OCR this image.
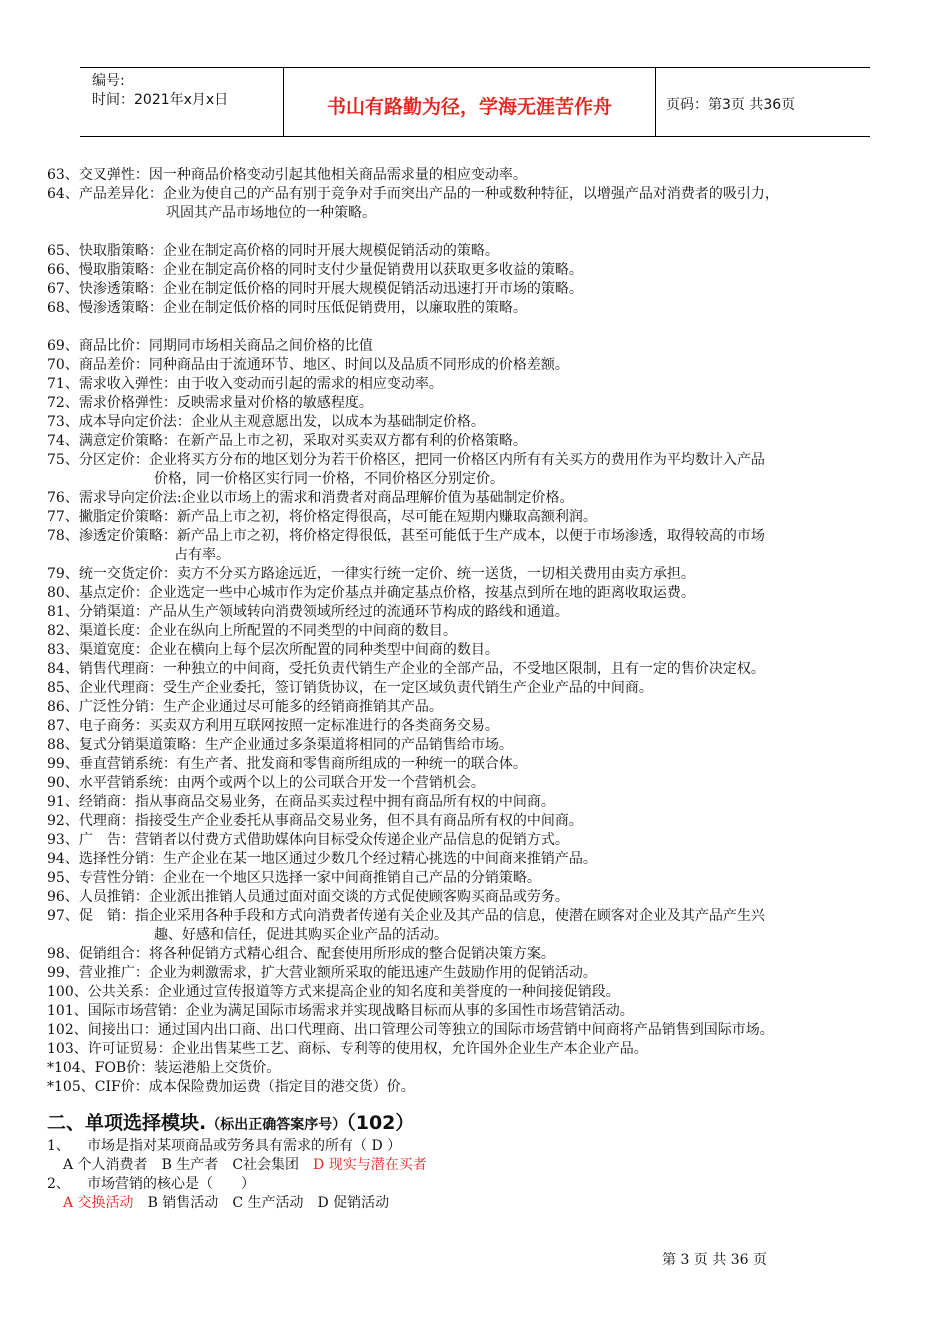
编号:
时间：2021年x月x日	书山有路勤为径，学海无涯苦作舟	页码：第3页 共36页
63、交叉弹性：因一种商品价格变动引起其他相关商品需求量的相应变动率。
64、产品差异化：企业为使自己的产品有别于竞争对手而突出产品的一种或数种特征，以增强产品对消费者的吸引力，
巩固其产品市场地位的一种策略。
65、快取脂策略：企业在制定高价格的同时开展大规模促销活动的策略。
66、慢取脂策略：企业在制定高价格的同时支付少量促销费用以获取更多收益的策略。
67、快渗透策略：企业在制定低价格的同时开展大规模促销活动迅速打开市场的策略。
68、慢渗透策略：企业在制定低价格的同时压低促销费用，以廉取胜的策略。
69、商品比价：同期同市场相关商品之间价格的比值
70、商品差价：同种商品由于流通环节、地区、时间以及品质不同形成的价格差额。
71、需求收入弹性：由于收入变动而引起的需求的相应变动率。
72、需求价格弹性：反映需求量对价格的敏感程度。
73、成本导向定价法：企业从主观意愿出发，以成本为基础制定价格。
74、满意定价策略：在新产品上市之初，采取对买卖双方都有利的价格策略。
75、分区定价：企业将买方分布的地区划分为若干价格区，把同一价格区内所有有关买方的费用作为平均数计入产品
价格，同一价格区实行同一价格，不同价格区分别定价。
76、需求导向定价法:企业以市场上的需求和消费者对商品理解价值为基础制定价格。
77、撇脂定价策略：新产品上市之初，将价格定得很高，尽可能在短期内赚取高额利润。
78、渗透定价策略：新产品上市之初，将价格定得很低，甚至可能低于生产成本，以便于市场渗透，取得较高的市场
占有率。
79、统一交货定价：卖方不分买方路途远近，一律实行统一定价、统一送货，一切相关费用由卖方承担。
80、基点定价：企业选定一些中心城市作为定价基点并确定基点价格，按基点到所在地的距离收取运费。
81、分销渠道：产品从生产领域转向消费领域所经过的流通环节构成的路线和通道。
82、渠道长度：企业在纵向上所配置的不同类型的中间商的数目。
83、渠道宽度：企业在横向上每个层次所配置的同种类型中间商的数目。
84、销售代理商：一种独立的中间商，受托负责代销生产企业的全部产品，不受地区限制，且有一定的售价决定权。
85、企业代理商：受生产企业委托，签订销货协议，在一定区域负责代销生产企业产品的中间商。
86、广泛性分销：生产企业通过尽可能多的经销商推销其产品。
87、电子商务：买卖双方利用互联网按照一定标准进行的各类商务交易。
88、复式分销渠道策略：生产企业通过多条渠道将相同的产品销售给市场。
99、垂直营销系统：有生产者、批发商和零售商所组成的一种统一的联合体。
90、水平营销系统：由两个或两个以上的公司联合开发一个营销机会。
91、经销商：指从事商品交易业务，在商品买卖过程中拥有商品所有权的中间商。
92、代理商：指接受生产企业委托从事商品交易业务，但不具有商品所有权的中间商。
93、广　告：营销者以付费方式借助媒体向目标受众传递企业产品信息的促销方式。
94、选择性分销：生产企业在某一地区通过少数几个经过精心挑选的中间商来推销产品。
95、专营性分销：企业在一个地区只选择一家中间商推销自己产品的分销策略。
96、人员推销：企业派出推销人员通过面对面交谈的方式促使顾客购买商品或劳务。
97、促　销：指企业采用各种手段和方式向消费者传递有关企业及其产品的信息，使潜在顾客对企业及其产品产生兴
趣、好感和信任，促进其购买企业产品的活动。
98、促销组合：将各种促销方式精心组合、配套使用所形成的整合促销决策方案。
99、营业推广：企业为刺激需求，扩大营业额所采取的能迅速产生鼓励作用的促销活动。
100、公共关系：企业通过宣传报道等方式来提高企业的知名度和美誉度的一种间接促销段。
101、国际市场营销：企业为满足国际市场需求并实现战略目标而从事的多国性市场营销活动。
102、间接出口：通过国内出口商、出口代理商、出口管理公司等独立的国际市场营销中间商将产品销售到国际市场。
103、许可证贸易：企业出售某些工艺、商标、专利等的使用权，允许国外企业生产本企业产品。
*104、FOB价：装运港船上交货价。
*105、CIF价：成本保险费加运费（指定目的港交货）价。
二、单项选择模块.（标出正确答案序号）（102）
1、 市场是指对某项商品或劳务具有需求的所有（ D ）
A 个人消费者 B 生产者 C社会集团 D 现实与潜在买者
2、 市场营销的核心是（　　）
A 交换活动 B 销售活动 C 生产活动 D 促销活动
第 3 页 共 36 页
